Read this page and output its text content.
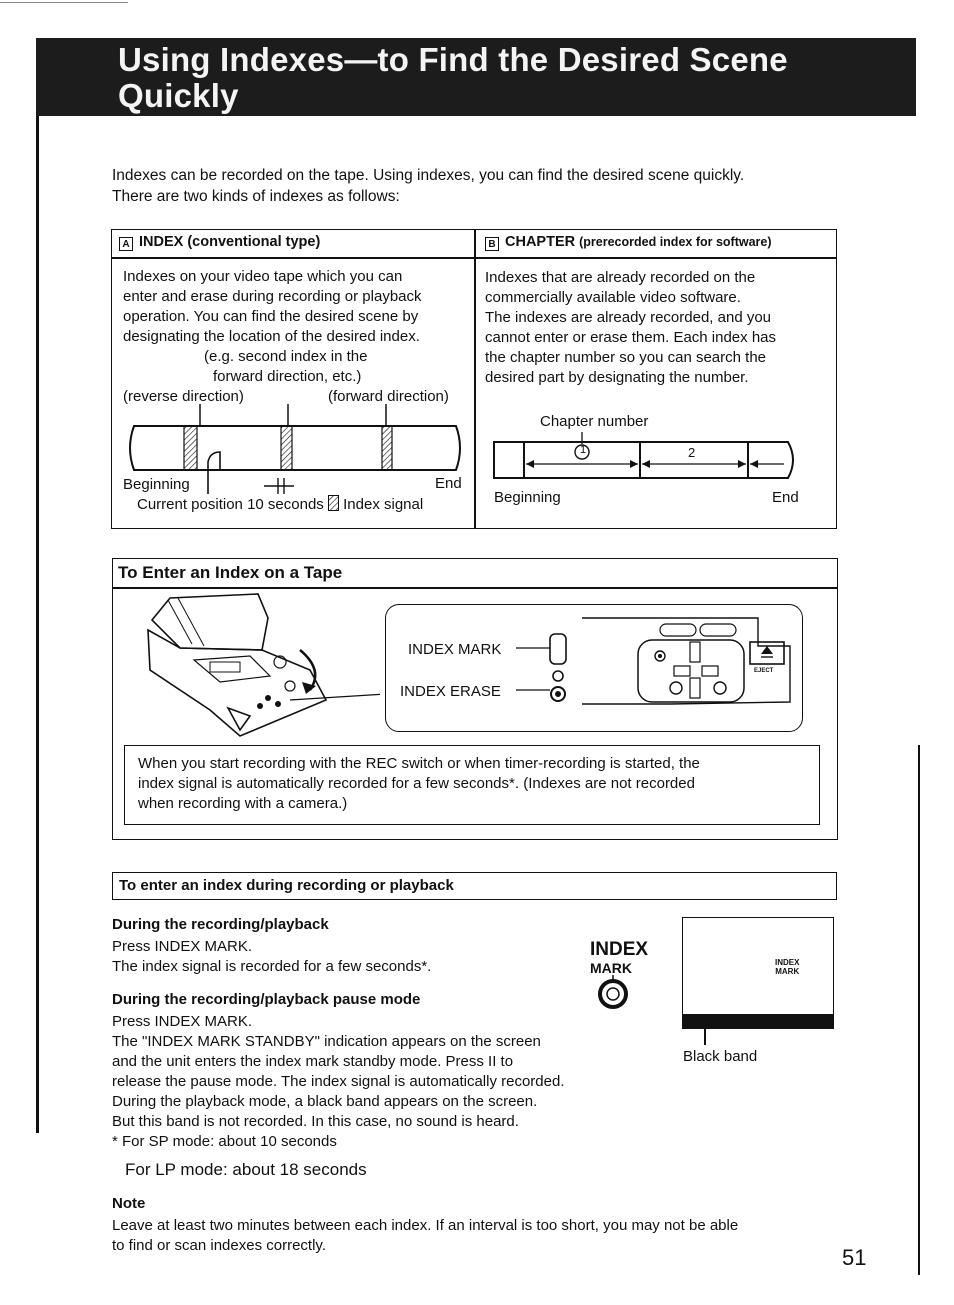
Using Indexes—to Find the Desired Scene
Quickly
Indexes can be recorded on the tape. Using indexes, you can find the desired scene quickly.
There are two kinds of indexes as follows:
A INDEX (conventional type)	B CHAPTER (prerecorded index for software)
Indexes on your video tape which you can
enter and erase during recording or playback
operation. You can find the desired scene by
designating the location of the desired index.
(e.g. second index in the
forward direction, etc.)
(reverse direction)	(forward direction)
Beginning	End
Current position 10 seconds Index signal
Indexes that are already recorded on the
commercially available video software.
The indexes are already recorded, and you
cannot enter or erase them. Each index has
the chapter number so you can search the
desired part by designating the number.
Chapter number
1	2
Beginning	End
To Enter an Index on a Tape
INDEX MARK
INDEX ERASE
EJECT
When you start recording with the REC switch or when timer-recording is started, the
index signal is automatically recorded for a few seconds*. (Indexes are not recorded
when recording with a camera.)
To enter an index during recording or playback
During the recording/playback
Press INDEX MARK.
The index signal is recorded for a few seconds*.
During the recording/playback pause mode
Press INDEX MARK.
The "INDEX MARK STANDBY" indication appears on the screen
and the unit enters the index mark standby mode. Press II to
release the pause mode. The index signal is automatically recorded.
During the playback mode, a black band appears on the screen.
But this band is not recorded. In this case, no sound is heard.
* For SP mode: about 10 seconds
For LP mode: about 18 seconds
INDEX
MARK	INDEX
MARK
Black band
Note
Leave at least two minutes between each index. If an interval is too short, you may not be able
to find or scan indexes correctly.	51
